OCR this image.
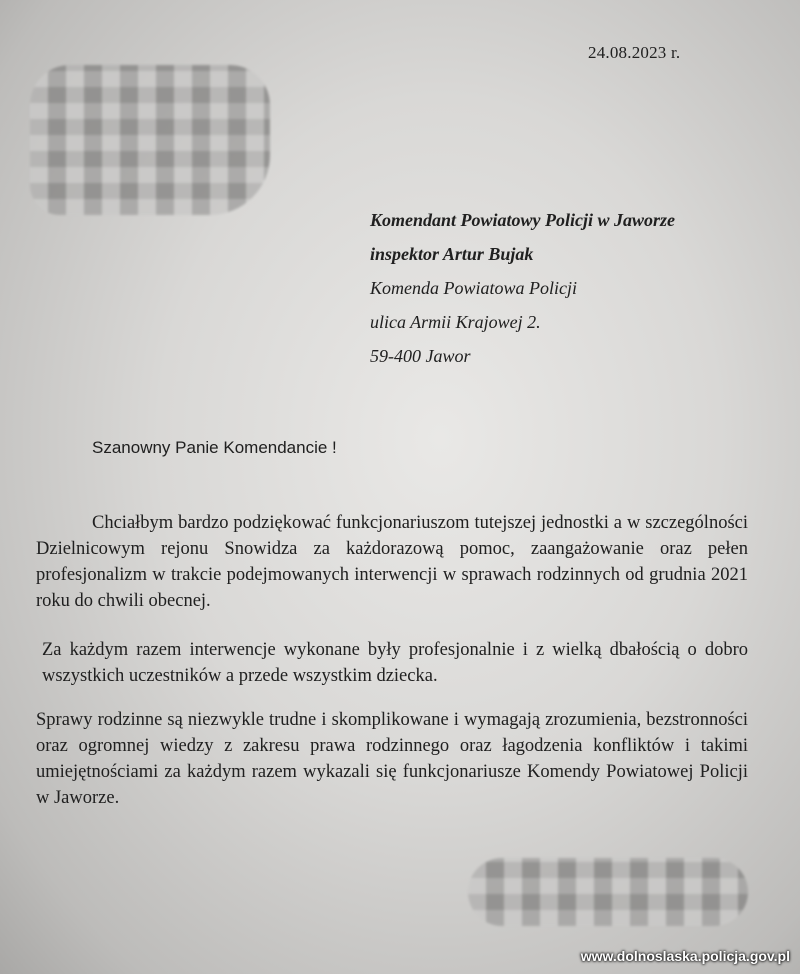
24.08.2023 r.
Komendant Powiatowy Policji w Jaworze
inspektor Artur Bujak
Komenda Powiatowa Policji
ulica Armii Krajowej 2.
59-400 Jawor
Szanowny Panie Komendancie !
Chciałbym bardzo podziękować funkcjonariuszom tutejszej jednostki a w szczególności Dzielnicowym rejonu Snowidza za każdorazową pomoc, zaangażowanie oraz pełen profesjonalizm w trakcie podejmowanych interwencji w sprawach rodzinnych od grudnia 2021 roku do chwili obecnej.
Za każdym razem interwencje wykonane były profesjonalnie i z wielką dbałością o dobro wszystkich uczestników a przede wszystkim dziecka.
Sprawy rodzinne są niezwykle trudne i skomplikowane i wymagają zrozumienia, bezstronności oraz ogromnej wiedzy z zakresu prawa rodzinnego oraz łagodzenia konfliktów i takimi umiejętnościami za każdym razem wykazali się funkcjonariusze Komendy Powiatowej Policji w Jaworze.
www.dolnoslaska.policja.gov.pl
